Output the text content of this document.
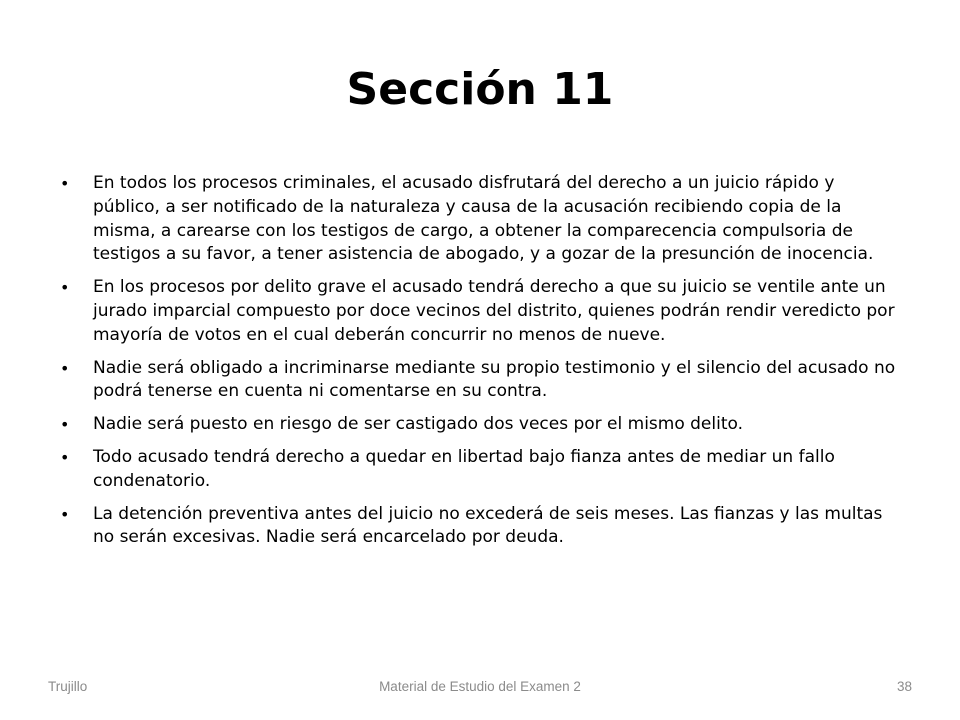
Sección 11
• En todos los procesos criminales, el acusado disfrutará del derecho a un juicio rápido y público, a ser notificado de la naturaleza y causa de la acusación recibiendo copia de la misma, a carearse con los testigos de cargo, a obtener la comparecencia compulsoria de testigos a su favor, a tener asistencia de abogado, y a gozar de la presunción de inocencia.
• En los procesos por delito grave el acusado tendrá derecho a que su juicio se ventile ante un jurado imparcial compuesto por doce vecinos del distrito, quienes podrán rendir veredicto por mayoría de votos en el cual deberán concurrir no menos de nueve.
• Nadie será obligado a incriminarse mediante su propio testimonio y el silencio del acusado no podrá tenerse en cuenta ni comentarse en su contra.
• Nadie será puesto en riesgo de ser castigado dos veces por el mismo delito.
• Todo acusado tendrá derecho a quedar en libertad bajo fianza antes de mediar un fallo condenatorio.
• La detención preventiva antes del juicio no excederá de seis meses. Las fianzas y las multas no serán excesivas. Nadie será encarcelado por deuda.
Trujillo	Material de Estudio del Examen 2	38
